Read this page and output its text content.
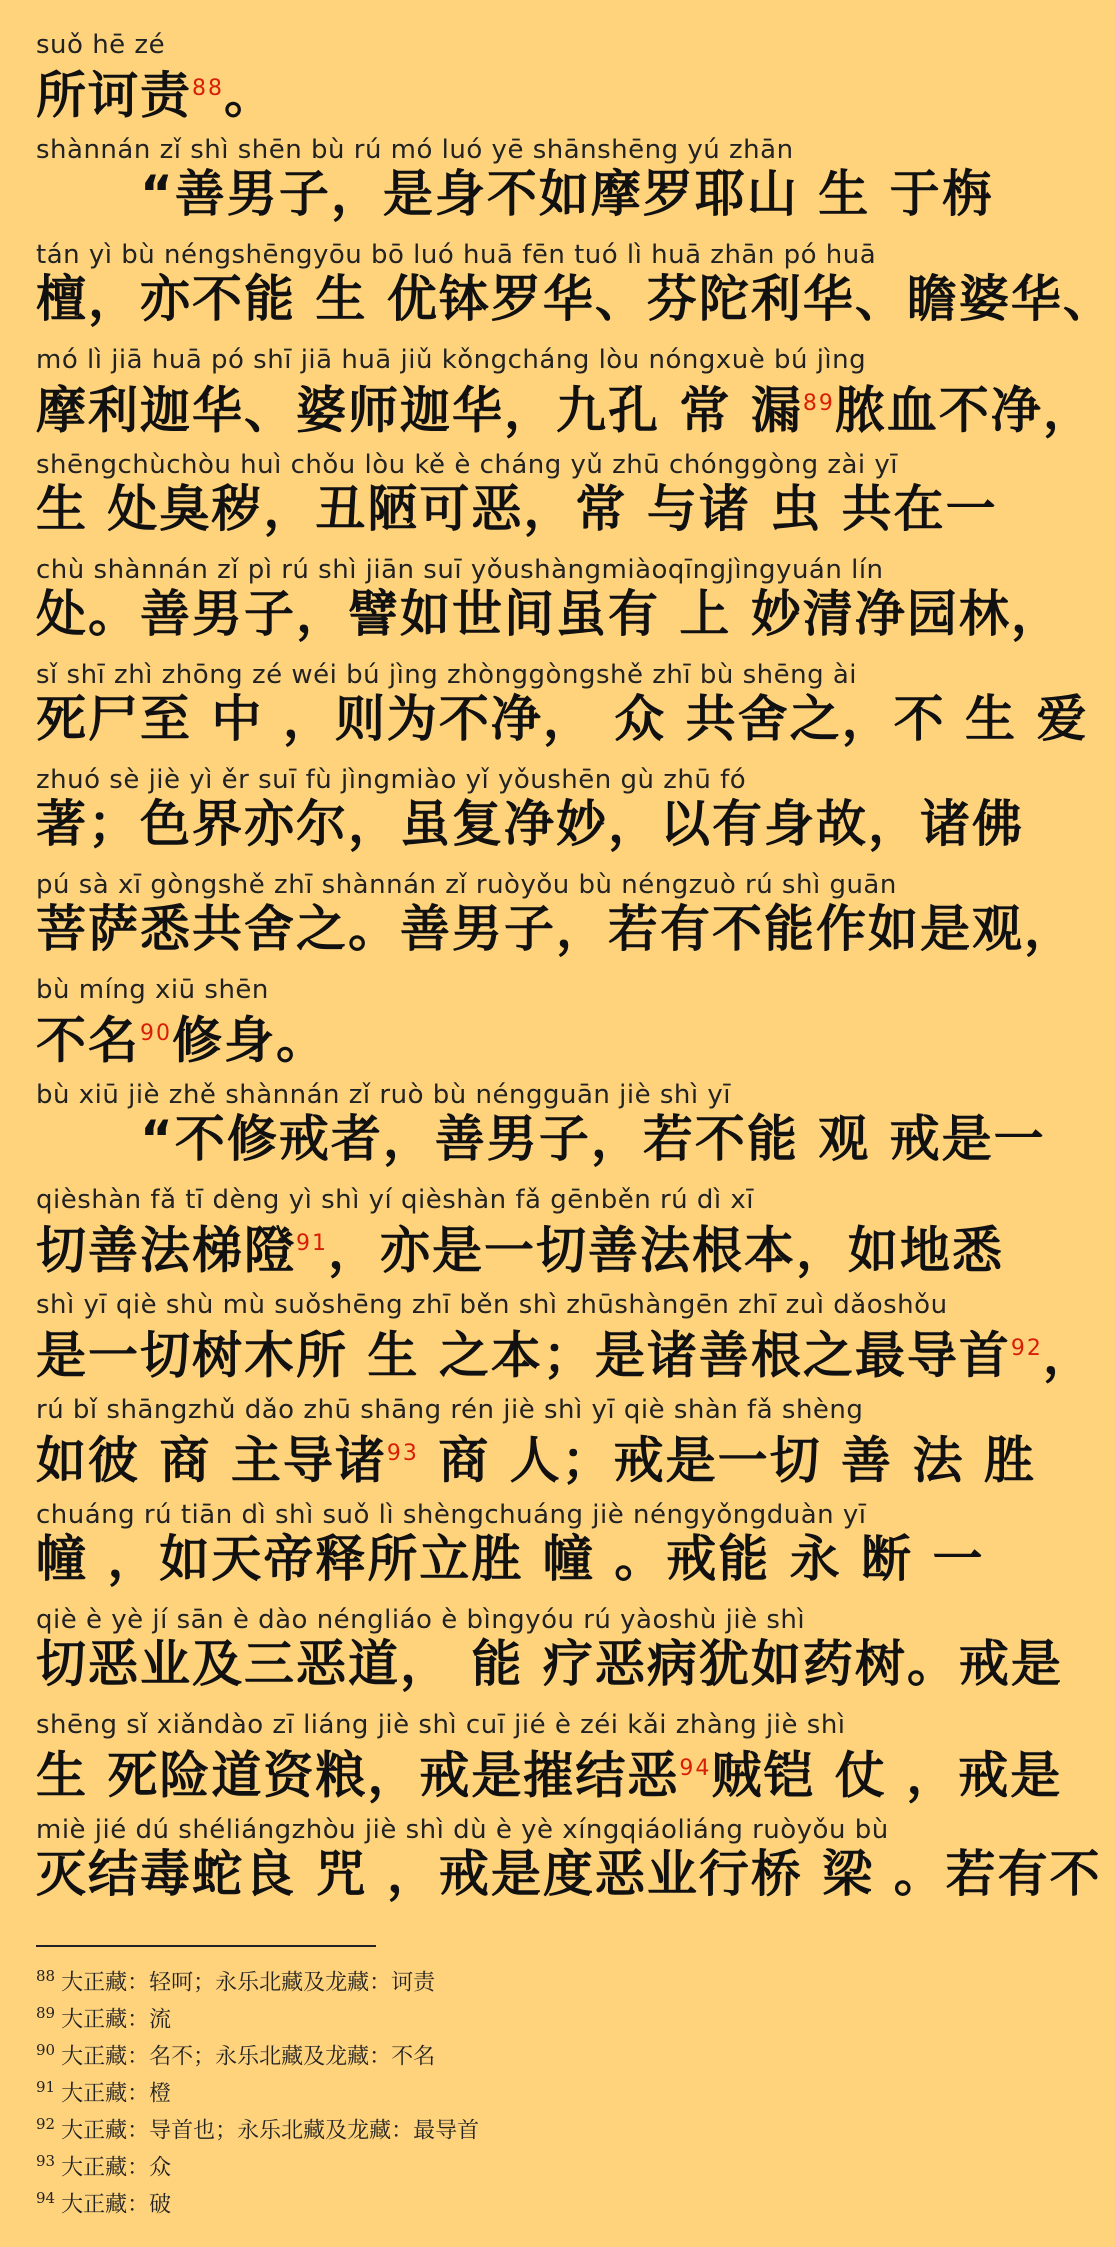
suǒ hē zé
所诃责$^{88}$。
shànnán zǐ shì shēn bù rú mó luó yē shānshēng yú zhān
　　“善男子，是身不如摩罗耶山 生 于栴
tán yì bù néngshēngyōu bō luó huā fēn tuó lì huā zhān pó huā
檀，亦不能 生 优钵罗华、芬陀利华、瞻婆华、
mó lì jiā huā pó shī jiā huā jiǔ kǒngcháng lòu nóngxuè bú jìng
摩利迦华、婆师迦华，九孔 常 漏$^{89}$脓血不净，
shēngchùchòu huì chǒu lòu kě è cháng yǔ zhū chónggòng zài yī
生 处臭秽，丑陋可恶，常 与诸 虫 共在一
chù shànnán zǐ pì rú shì jiān suī yǒushàngmiàoqīngjìngyuán lín
处。善男子，譬如世间虽有 上 妙清净园林，
sǐ shī zhì zhōng zé wéi bú jìng zhònggòngshě zhī bù shēng ài
死尸至 中 ，则为不净， 众 共舍之，不 生 爱
zhuó sè jiè yì ěr suī fù jìngmiào yǐ yǒushēn gù zhū fó
著；色界亦尔，虽复净妙，以有身故，诸佛
pú sà xī gòngshě zhī shànnán zǐ ruòyǒu bù néngzuò rú shì guān
菩萨悉共舍之。善男子，若有不能作如是观，
bù míng xiū shēn
不名$^{90}$修身。
bù xiū jiè zhě shànnán zǐ ruò bù néngguān jiè shì yī
　　“不修戒者，善男子，若不能 观 戒是一
qièshàn fǎ tī dèng yì shì yí qièshàn fǎ gēnběn rú dì xī
切善法梯隥$^{91}$，亦是一切善法根本，如地悉
shì yī qiè shù mù suǒshēng zhī běn shì zhūshàngēn zhī zuì dǎoshǒu
是一切树木所 生 之本；是诸善根之最导首$^{92}$，
rú bǐ shāngzhǔ dǎo zhū shāng rén jiè shì yī qiè shàn fǎ shèng
如彼 商 主导诸$^{93}$ 商 人；戒是一切 善 法 胜
chuáng rú tiān dì shì suǒ lì shèngchuáng jiè néngyǒngduàn yī
幢 ，如天帝释所立胜 幢 。戒能 永 断 一
qiè è yè jí sān è dào néngliáo è bìngyóu rú yàoshù jiè shì
切恶业及三恶道， 能 疗恶病犹如药树。戒是
shēng sǐ xiǎndào zī liáng jiè shì cuī jié è zéi kǎi zhàng jiè shì
生 死险道资粮，戒是摧结恶$^{94}$贼铠 仗 ，戒是
miè jié dú shéliángzhòu jiè shì dù è yè xíngqiáoliáng ruòyǒu bù
灭结毒蛇良 咒 ，戒是度恶业行桥 梁 。若有不
$^{88}$ 大正藏：轻呵；永乐北藏及龙藏：诃责
$^{89}$ 大正藏：流
$^{90}$ 大正藏：名不；永乐北藏及龙藏：不名
$^{91}$ 大正藏：橙
$^{92}$ 大正藏：导首也；永乐北藏及龙藏：最导首
$^{93}$ 大正藏：众
$^{94}$ 大正藏：破
